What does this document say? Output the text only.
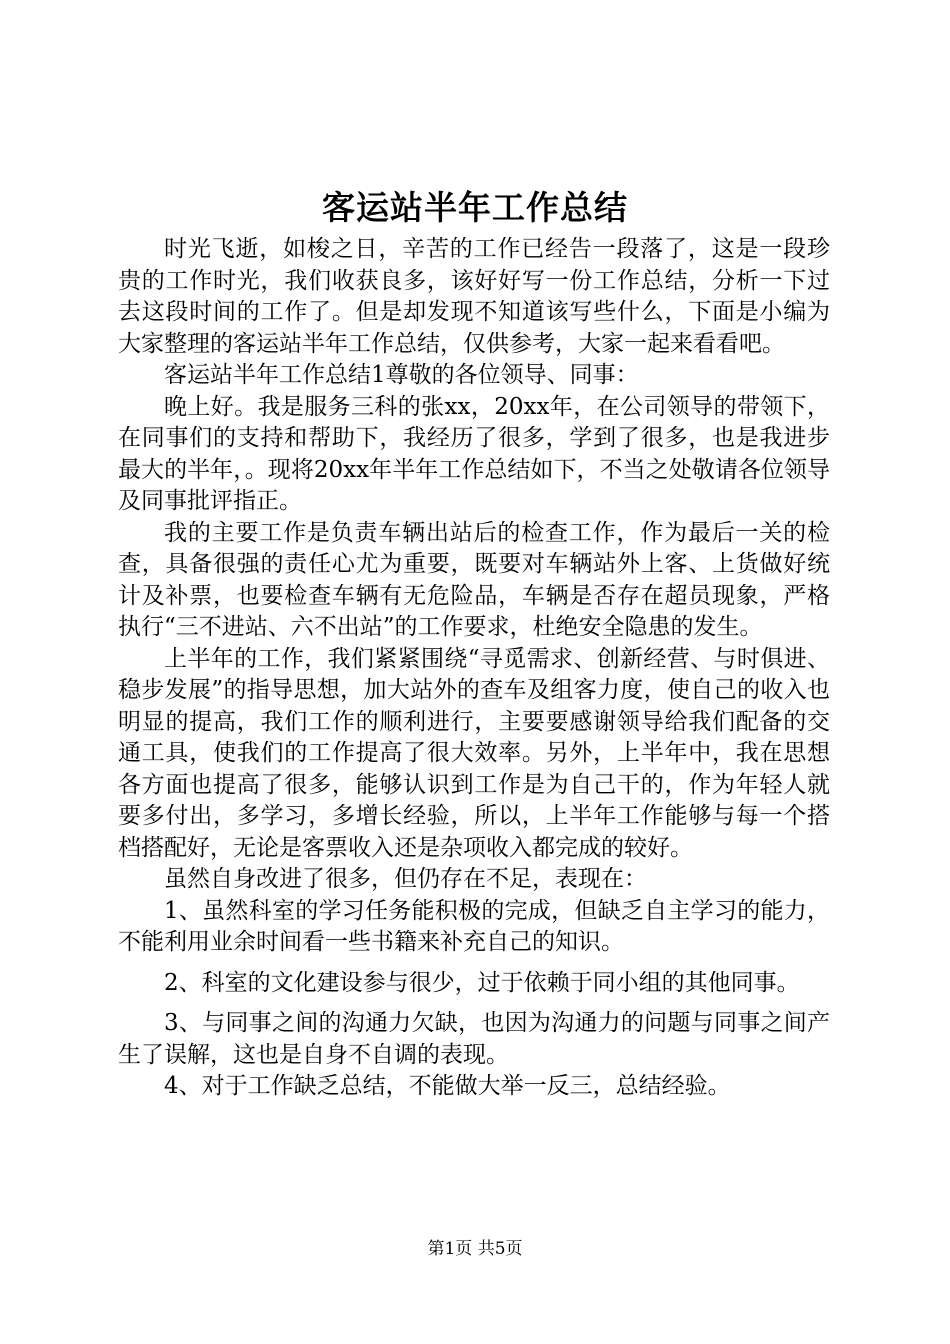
客运站半年工作总结

时光飞逝，如梭之日，辛苦的工作已经告一段落了，这是一段珍贵的工作时光，我们收获良多，该好好写一份工作总结，分析一下过去这段时间的工作了。但是却发现不知道该写些什么，下面是小编为大家整理的客运站半年工作总结，仅供参考，大家一起来看看吧。

客运站半年工作总结1尊敬的各位领导、同事：

晚上好。我是服务三科的张xx，20xx年，在公司领导的带领下，在同事们的支持和帮助下，我经历了很多，学到了很多，也是我进步最大的半年，。现将20xx年半年工作总结如下，不当之处敬请各位领导及同事批评指正。

我的主要工作是负责车辆出站后的检查工作，作为最后一关的检查，具备很强的责任心尤为重要，既要对车辆站外上客、上货做好统计及补票，也要检查车辆有无危险品，车辆是否存在超员现象，严格执行“三不进站、六不出站”的工作要求，杜绝安全隐患的发生。

上半年的工作，我们紧紧围绕“寻觅需求、创新经营、与时俱进、稳步发展”的指导思想，加大站外的查车及组客力度，使自己的收入也明显的提高，我们工作的顺利进行，主要要感谢领导给我们配备的交通工具，使我们的工作提高了很大效率。另外，上半年中，我在思想各方面也提高了很多，能够认识到工作是为自己干的，作为年轻人就要多付出，多学习，多增长经验，所以，上半年工作能够与每一个搭档搭配好，无论是客票收入还是杂项收入都完成的较好。

虽然自身改进了很多，但仍存在不足，表现在：

1、虽然科室的学习任务能积极的完成，但缺乏自主学习的能力，不能利用业余时间看一些书籍来补充自己的知识。

2、科室的文化建设参与很少，过于依赖于同小组的其他同事。

3、与同事之间的沟通力欠缺，也因为沟通力的问题与同事之间产生了误解，这也是自身不自调的表现。

4、对于工作缺乏总结，不能做大举一反三，总结经验。

第1页 共5页
